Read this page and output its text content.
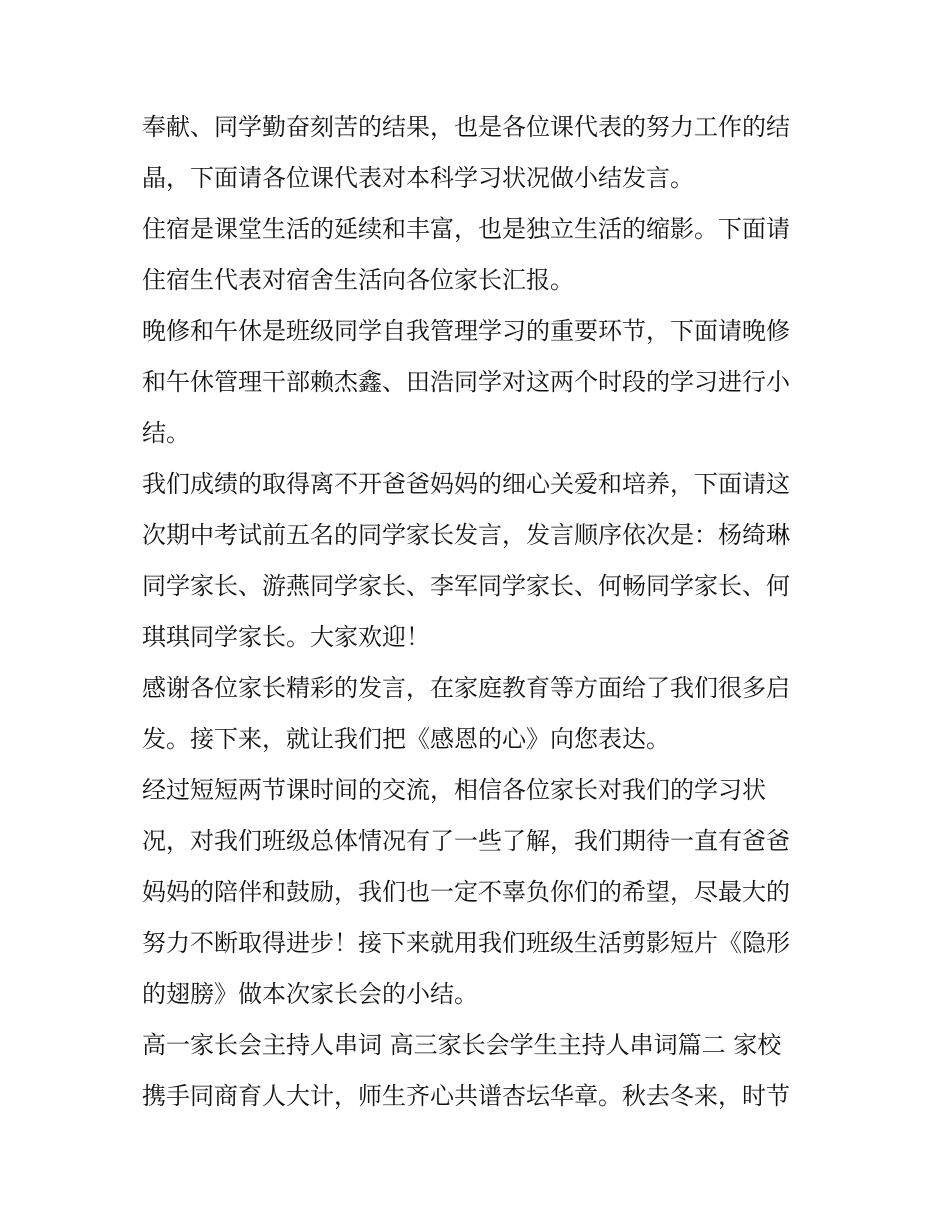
奉献、同学勤奋刻苦的结果，也是各位课代表的努力工作的结
晶，下面请各位课代表对本科学习状况做小结发言。
住宿是课堂生活的延续和丰富，也是独立生活的缩影。下面请
住宿生代表对宿舍生活向各位家长汇报。
晚修和午休是班级同学自我管理学习的重要环节，下面请晚修
和午休管理干部赖杰鑫、田浩同学对这两个时段的学习进行小
结。
我们成绩的取得离不开爸爸妈妈的细心关爱和培养，下面请这
次期中考试前五名的同学家长发言，发言顺序依次是：杨绮琳
同学家长、游燕同学家长、李军同学家长、何畅同学家长、何
琪琪同学家长。大家欢迎！
感谢各位家长精彩的发言，在家庭教育等方面给了我们很多启
发。接下来，就让我们把《感恩的心》向您表达。
经过短短两节课时间的交流，相信各位家长对我们的学习状
况，对我们班级总体情况有了一些了解，我们期待一直有爸爸
妈妈的陪伴和鼓励，我们也一定不辜负你们的希望，尽最大的
努力不断取得进步！接下来就用我们班级生活剪影短片《隐形
的翅膀》做本次家长会的小结。
高一家长会主持人串词 高三家长会学生主持人串词篇二 家校
携手同商育人大计，师生齐心共谱杏坛华章。秋去冬来，时节
